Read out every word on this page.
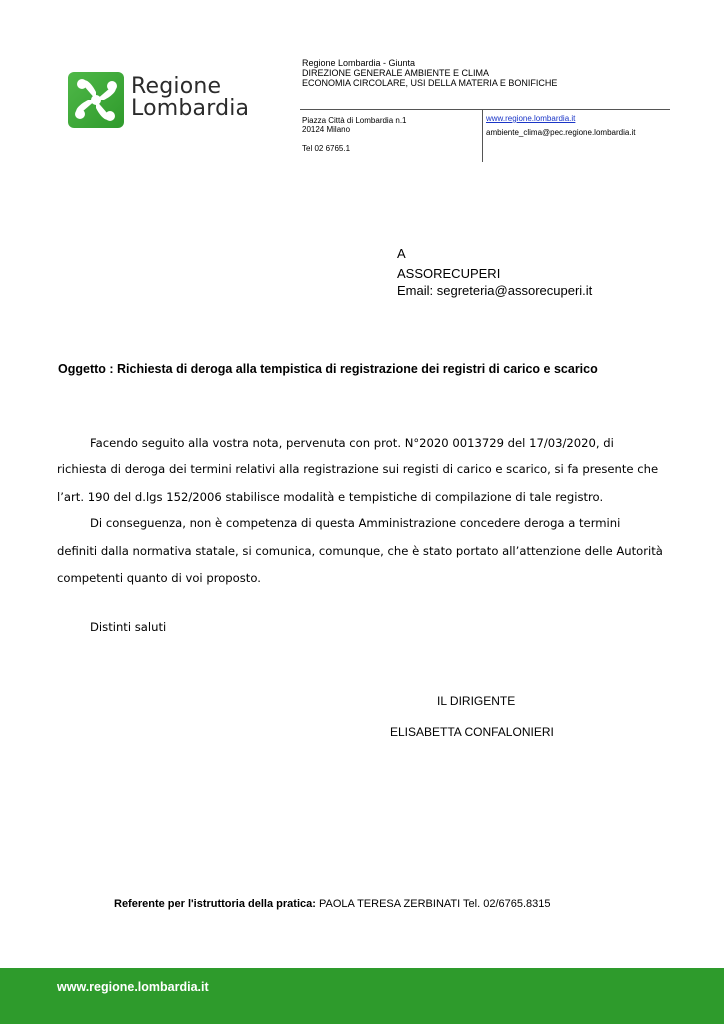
Regione
Lombardia
Regione Lombardia - Giunta
DIREZIONE GENERALE AMBIENTE E CLIMA
ECONOMIA CIRCOLARE, USI DELLA MATERIA E BONIFICHE
Piazza Città di Lombardia n.1
20124 Milano
Tel 02 6765.1
www.regione.lombardia.it
ambiente_clima@pec.regione.lombardia.it
A
ASSORECUPERI
Email: segreteria@assorecuperi.it
Oggetto : Richiesta di deroga alla tempistica di registrazione dei registri di carico e scarico
Facendo seguito alla vostra nota, pervenuta con prot. N°2020 0013729 del 17/03/2020, di
richiesta di deroga dei termini relativi alla registrazione sui registi di carico e scarico, si fa presente che
l’art. 190 del d.lgs 152/2006 stabilisce modalità e tempistiche di compilazione di tale registro.
Di conseguenza, non è competenza di questa Amministrazione concedere deroga a termini
definiti dalla normativa statale, si comunica, comunque, che è stato portato all’attenzione delle Autorità
competenti quanto di voi proposto.
Distinti saluti
IL DIRIGENTE
ELISABETTA CONFALONIERI
Referente per l'istruttoria della pratica: PAOLA TERESA ZERBINATI Tel. 02/6765.8315
www.regione.lombardia.it
